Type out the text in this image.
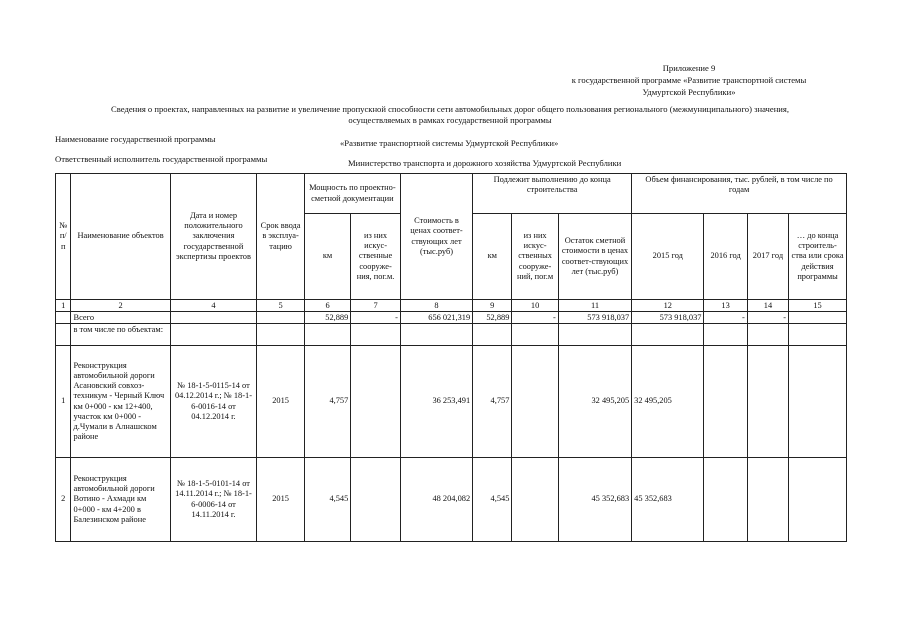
Приложение 9
к государственной программе «Развитие транспортной системы
Удмуртской Республики»
Сведения о проектах, направленных на развитие и увеличение пропускной способности сети автомобильных дорог общего пользования регионального (межмуниципального) значения,
осуществляемых в рамках государственной программы
Наименование государственной программы	«Развитие транспортной системы Удмуртской Республики»
Ответственный исполнитель государственной программы	Министерство транспорта и дорожного хозяйства Удмуртской Республики
№ п/п	Наименование объектов	Дата и номер положительного заключения государственной экспертизы проектов	Срок ввода в эксплуа-тацию	Мощность по проектно-сметной документации		Стоимость в ценах соответ-ствующих лет (тыс.руб)	Подлежит выполнению до конца строительства			Объем финансирования, тыс. рублей, в том числе по годам			
				км	из них искус-ственные сооруже-ния, пог.м.		км	из них искус-ственных сооруже-ний, пог.м	Остаток сметной стоимости в ценах соответ-ствующих лет (тыс.руб)	2015 год	2016 год	2017 год	… до конца строитель-ства или срока действия программы
1	2	4	5	6	7	8	9	10	11	12	13	14	15
	Всего			52,889	-	656 021,319	52,889	-	573 918,037	573 918,037	-	-	
	в том числе по объектам:												
1	Реконструкция автомобильной дороги Асановский совхоз-техникум - Черный Ключ км 0+000 - км 12+400, участок км 0+000 - д.Чумали в Алнашском районе	№ 18-1-5-0115-14 от 04.12.2014 г.; № 18-1-6-0016-14 от 04.12.2014 г.	2015	4,757		36 253,491	4,757		32 495,205	32 495,205			
2	Реконструкция автомобильной дороги Вотино - Ахмади км 0+000 - км 4+200 в Балезинском районе	№ 18-1-5-0101-14 от 14.11.2014 г.; № 18-1-6-0006-14 от 14.11.2014 г.	2015	4,545		48 204,082	4,545		45 352,683	45 352,683			
